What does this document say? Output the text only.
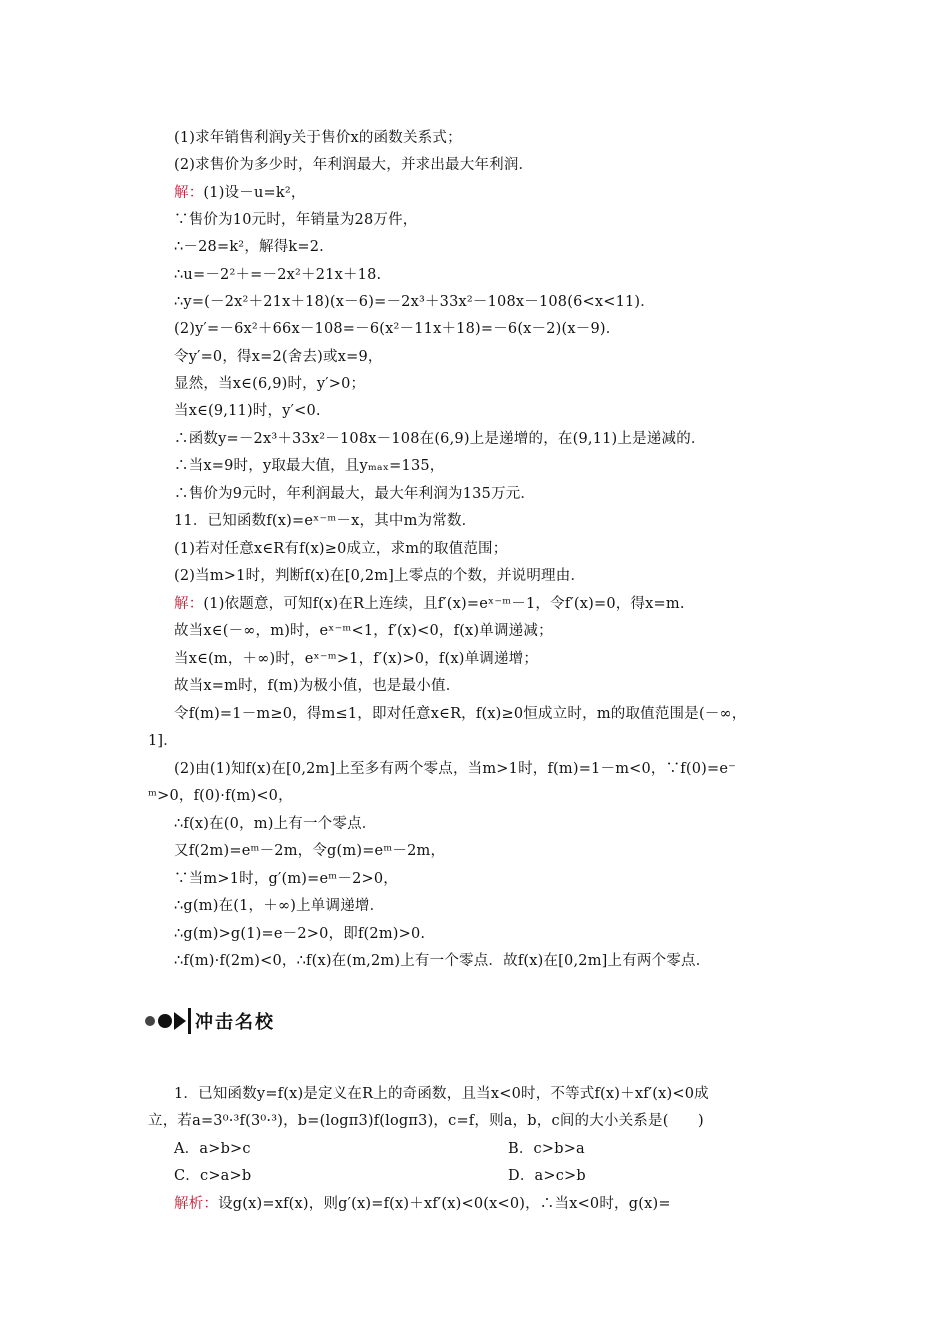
(1)求年销售利润y关于售价x的函数关系式；
(2)求售价为多少时，年利润最大，并求出最大年利润．
解：(1)设－u=k²，
∵售价为10元时，年销量为28万件，
∴－28=k²，解得k=2.
∴u=－2²＋=－2x²＋21x＋18.
∴y=(－2x²＋21x＋18)(x－6)=－2x³＋33x²－108x－108(6<x<11)．
(2)y′=－6x²＋66x－108=－6(x²－11x＋18)=－6(x－2)(x－9)．
令y′=0，得x=2(舍去)或x=9，
显然，当x∈(6,9)时，y′>0；
当x∈(9,11)时，y′<0.
∴函数y=－2x³＋33x²－108x－108在(6,9)上是递增的，在(9,11)上是递减的．
∴当x=9时，y取最大值，且yₘₐₓ=135，
∴售价为9元时，年利润最大，最大年利润为135万元．
11．已知函数f(x)=eˣ⁻ᵐ－x，其中m为常数．
(1)若对任意x∈R有f(x)≥0成立，求m的取值范围；
(2)当m>1时，判断f(x)在[0,2m]上零点的个数，并说明理由．
解：(1)依题意，可知f(x)在R上连续，且f′(x)=eˣ⁻ᵐ－1，令f′(x)=0，得x=m.
故当x∈(－∞，m)时，eˣ⁻ᵐ<1，f′(x)<0，f(x)单调递减；
当x∈(m，＋∞)时，eˣ⁻ᵐ>1，f′(x)>0，f(x)单调递增；
故当x=m时，f(m)为极小值，也是最小值．
令f(m)=1－m≥0，得m≤1，即对任意x∈R，f(x)≥0恒成立时，m的取值范围是(－∞，
1]．
(2)由(1)知f(x)在[0,2m]上至多有两个零点，当m>1时，f(m)=1－m<0，∵f(0)=e⁻
ᵐ>0，f(0)·f(m)<0，
∴f(x)在(0，m)上有一个零点．
又f(2m)=eᵐ－2m，令g(m)=eᵐ－2m，
∵当m>1时，g′(m)=eᵐ－2>0，
∴g(m)在(1，＋∞)上单调递增．
∴g(m)>g(1)=e－2>0，即f(2m)>0.
∴f(m)·f(2m)<0，∴f(x)在(m,2m)上有一个零点．故f(x)在[0,2m]上有两个零点．
冲击名校
1．已知函数y=f(x)是定义在R上的奇函数，且当x<0时，不等式f(x)＋xf′(x)<0成
立，若a=3⁰·³f(3⁰·³)，b=(logπ3)f(logπ3)，c=f，则a，b，c间的大小关系是(　　)
A．a>b>c	B．c>b>a
C．c>a>b	D．a>c>b
解析：设g(x)=xf(x)，则g′(x)=f(x)＋xf′(x)<0(x<0)，∴当x<0时，g(x)=
